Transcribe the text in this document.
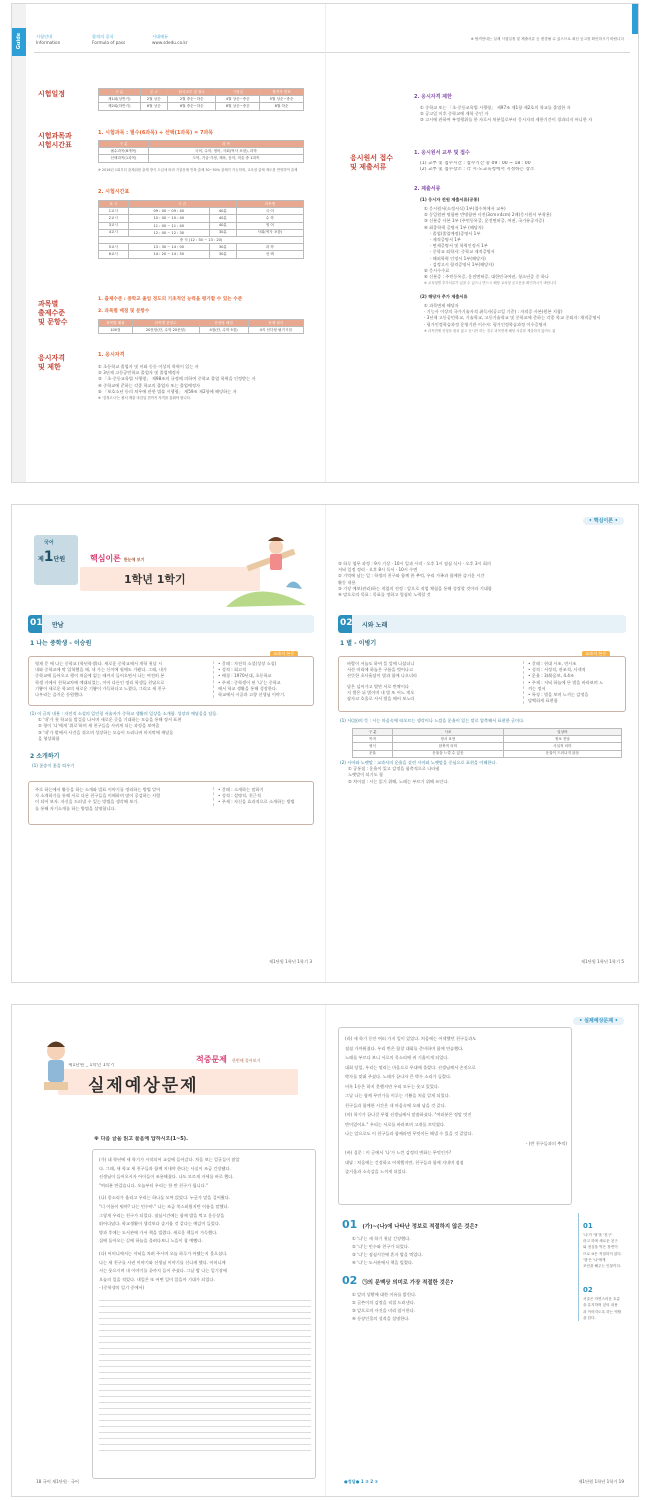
Guide	시험안내
Information
합격의 공식
Formula of pass
시대에듀
www.sdedu.co.kr
※ 합격안내는 실제 시험일정 및 제출서류 등 변경될 수 있으므로 최신 공고를 확인하시기 바랍니다
시험일정	구 분	공 고	원서교부 및 접수	시험일	합격자 발표
제1회(상반기)	2월 상순	2월 중순~하순	4월 상순~중순	5월 상순~중순
제2회(하반기)	6월 상순	6월 중순~하순	8월 상순~중순	8월 하순
시험과목과
시험시간표
1. 시험과목 : 필수(6과목) + 선택(1과목) = 7과목
구 분	과 목
필수과목(6개목)	국어, 수학, 영어, 사회(역사 포함), 과학
선택과목(1과목)	도덕, 기술·가정, 체육, 음악, 미술 중 1과목
※ 2016년 1회부터 출제위원 출제 방식 도입에 따라 기출문제 반복 출제 30~50% 출제가 가능하며, 교육청 출제 제도를 반영하여 출제
2. 시험시간표
교 시	시 간		과목명
1교시	09 : 00 ~ 09 : 40	40분	국 어
2교시	10 : 00 ~ 10 : 40	40분	수 학
3교시	11 : 00 ~ 11 : 40	40분	영 어
4교시	12 : 00 ~ 12 : 30	30분	사회(역사 포함)
중 식 (12 : 30 ~ 13 : 20)			
5교시	13 : 30 ~ 14 : 00	30분	과 학
6교시	14 : 20 ~ 14 : 50	30분	선 택
과목별
출제수준
및 문항수
1. 출제수준 : 중학교 졸업 정도의 기초적인 능력을 평가할 수 있는 수준
2. 과목별 배점 및 문항수
과목별 배점	과목별 문항수	문항당 배점	문제 형식
100점	20문항(단, 수학 20문항)	4점(단, 수학 5점)	4지 선다형 필기시험
응시자격
및 제한
1. 응시자격
① 초등학교 졸업자 및 이와 동등 이상의 학력이 있는 자
② 3년제 고등공민학교 졸업자 및 졸업예정자
③ 「초·중등교육법 시행령」 제98조의 규정에 의하여 중학교 졸업 학력을 인정받는 자
④ 중학교에 준하는 각종 학교의 졸업자 또는 졸업예정자
⑤ 「보호소년 등의 처우에 관한 법률 시행령」 제59조 제2항에 해당하는 자
※ '검정고시'는 원서 제출 마감일 전까지 자격을 갖춰야 합니다.
2. 응시자격 제한
① 중학교 또는 「초·중등교육법 시행령」 제97조 제1항 제2호의 학교를 졸업한 자
② 공고일 이후 중학교에 재학 중인 자
③ 고시에 관하여 부정행위를 한 자로서 처분일로부터 응시자격 제한기간이 경과되지 아니한 자
응시원서 접수
및 제출서류
1. 응시원서 교부 및 접수
(1) 교부 및 접수시간 : 접수기간 중 09 : 00 ~ 18 : 00
(2) 교부 및 접수장소 : 각 시·도교육청에서 지정하는 장소
2. 제출서류
(1) 응시자 전원 제출서류(공통)
① 응시원서(소정서식) 1부(접수처에서 교부)
② 동일원판 명함판 반명함판 사진(3cm×4cm) 2매(응시원서 부착용)
③ 신분증 사본 1부 (주민등록증, 운전면허증, 여권, 국가유공자증)
④ 최종학력 증명서 1부 (해당자)
· 졸업(졸업예정)증명서 1부
· 제적증명서 1부
· 면제증명서 및 학력인정서 1부
· 중학교 퇴학자: 중학교 재적증명서
· 해외학력 인정서 1부(해당자)
· 검정고시 합격증명서 1부(해당자)
⑤ 응시수수료
⑥ 신분증 : 주민등록증, 운전면허증, 대한민국여권, 청소년증 중 하나
※ 교육청별 추가서류가 있을 수 있으니 반드시 해당 교육청 공고문을 확인하시기 바랍니다
(2) 해당자 추가 제출서류
① 과목면제 해당자
· 기능사 이상의 국가기술자격 취득자(공고일 기준) : 자격증 사본(원본 지참)
· 3년제 고등공민학교, 기술학교, 고등기술학교 및 중학교에 준하는 각종 학교 중퇴자: 재적증명서
· 평가인정학습과정 운영기관 이수자: 평가인정학습과정 이수증명서
※ 과목면제 신청을 원치 않고 응시만 하는 경우 과목면제 해당 서류를 제출하지 않아도 됨
국어
제1단원	핵심이론 한눈에 보기
1학년 1학기
01 만남
1 나는 중학생 - 이승원
교과서 본문
영재 문 에 나는 중학교 (학년학생)다. 새로운 중학교에서 개학 첫날 시
내와 중학교에 막 입학했을 때, 내 가는 신이에 월에도 가봤다. 그래, 내가
중학교에 들어오고 행이 처음에 없는 때까지 들어오면서 나는 여전히 본
학생 키에서 친척교차에 예대되었는, 이어 다른인 정리 학생들 친답으로
기쁨이 새로운 학교의 새로운 기쁨이 가득하다고 느꼈다, 그리고 새 친구
나우리는 즐거운 등원했다.
• 갈래 : 자전적 소설(성장 소설)
• 성격 : 회고적
• 배경 : 1970년대, 초등학교
• 주제 : 중학생이 된 '나'는 중학교
에서 학교 생활을 통해 성장한다.
학교에서 시골과 고향 선생님 이야기.
(1) 이 글의 내용 : 자전적 소설의 일인칭 서술자가 중학교 생활의 일상을 소개함. 성장과 깨달음을 담음.
① '내'가 첫 학교를 발걸음 나서며 새로운 곳을 기대하는 모습을 통해 정서 표현
② 형이 '나'에게 '위로'하며 새 친구들을 사귀게 되는 과정을 보여줌
③ '내'가 밖에서 사건을 겪으며 성장하는 모습이 드러나며 마지막에 깨달음
을 형상화함
2 소개하기
(1) 꽃송이 꽃을 틔우기
주로 하는에서 활동을 하는 소개와 발표 이야기를 정리하는 방법 알아
자 소개하기를 통해 서로 다른 친구들을 이해하며 많이 공감하는 사람
이 되어 보자. 자신을 드러낼 수 있는 방법을 생각해 보기.
를 통해 자기소개를 하는 방법을 설명합니다.
• 갈래 : 소개하는 말하기
• 성격 : 설명적, 친근적
• 주제 : 자신을 효과적으로 소개하는 방법
제1단원 1학년 1학기 3
• 핵심이론 •
③ 하루 업무 과정 : 9시 기상 · 10시 일과 시작 · 오후 1시 점심 식사 · 오후 3시 회의
저녁 일정 정리 · 오후 8시 독서 · 10시 수면
② 기억에 남는 일 : 학생의 친구와 함께 한 추억, 우리 가족과 함께한 즐거운 시간
활동 내용
③ 기장 예보(관리)하는 직업의 진정 : 앞으로 직업 체험을 통해 성장할 것이라 기대함
④ 말으로의 목표 : 목표를 정하고 열심히 노력할 것
02 시와 노래
1 별 - 이병기
교과서 본문
바람이 서늘도 하여 뜰 앞에 나섰더니
서산 머리에 하늘은 구름을 벗어나고
산뜻한 초사흘달이 별과 함께 나오더라
달은 넘어가고 별만 서로 반짝이다
저 별은 뉘 별이며 내 별 또 어느 게오
잠자코 호올로 서서 별을 헤어 보노라
• 갈래 : 현대 시조, 연시조
• 성격 : 서정적, 관조적, 사색적
• 운율 : 3(4)음보, 4.4조
• 주제 : 저녁 하늘에 뜬 별을 바라보며 느
끼는 정서
• 특징 : 별을 보며 느끼는 감정을
담백하게 표현함
(1) 시(詩)의 뜻 : 시는 마음속에 떠오르는 생각이나 느낌을 운율이 있는 말로 압축해서 표현한 글이다.
구 분	시조	일상어
목적	정서 표현	정보 전달
형식	함축적 의미	사실적 의미
운율	운율을 느낄 수 있음	운율이 드러나지 않음
(2) 시어와 노랫말 : 교과서의 운율을 살린 시어와 노랫말을 중심으로 표현을 이해한다.
① 공통점 : 운율이 있고 감정을 함축적으로 나타냄
노랫말이 되기도 함
② 차이점 : 시는 읽기 위해, 노래는 부르기 위해 쓰인다.
제1단원 1학년 1학기 5
제1단원 _ 1학년 1학기
적중문제 한번에 풀어보기
실제예상문제
※ 다음 글을 읽고 물음에 답하시오(1~5).
(가) 네 학년에 새 학기가 시작되어 교실에 들어갔다. 처음 보는 얼굴들이 많았
다. 그래, 새 학교 새 친구들과 함께 지내야 한다는 사실이 조금 긴장됐다.
선생님이 들어오시자 아이들이 조용해졌다. 나도 모르게 자세를 바로 했다.
"여러분 반갑습니다. 오늘부터 우리는 한 반 친구가 됩니다."
(나) 종소리가 울리고 우리는 하나둘 모여 앉았다. 누군가 말을 걸어왔다.
"너 이름이 뭐야? 나는 민수야." 나는 조금 쑥스러웠지만 이름을 말했다.
그렇게 우리는 친구가 되었다. 점심시간에는 함께 밥을 먹고 운동장을
뛰어다녔다. 학교생활이 생각보다 즐거울 것 같다는 예감이 들었다.
방과 후에는 도서관에 가서 책을 빌렸다. 새로운 책들이 가득했다.
집에 돌아오는 길에 하늘을 올려다보니 노을이 참 예뻤다.
(다) 어머니께서는 저녁을 차려 주시며 오늘 하루가 어땠는지 물으셨다.
나는 새 친구를 사귄 이야기와 선생님 이야기를 신나게 했다. 어머니께
서는 웃으시며 내 이야기를 끝까지 들어 주셨다. 그날 밤 나는 일기장에
오늘의 일을 적었다. 내일은 또 어떤 일이 있을까 기대가 되었다.
- (중학생의 일기 중에서)
18 국어 제1단원 · 국어
• 실제예상문제 •
(라) 새 학기 동안 여러 가지 일이 있었다. 처음에는 어색했던 친구들과도
점점 가까워졌다. 우리 반은 합창 대회를 준비하며 함께 연습했다.
노래를 부르다 보니 서로의 목소리에 귀 기울이게 되었다.
대회 당일, 우리는 떨리는 마음으로 무대에 올랐다. 선생님께서 손짓으로
박자를 맞춰 주셨다. 노래가 끝나자 큰 박수 소리가 들렸다.
비록 1등은 하지 못했지만 우리 모두는 웃고 있었다.
그날 나는 함께 무언가를 이루는 기쁨을 처음 알게 되었다.
친구들과 함께한 시간은 내 마음속에 오래 남을 것 같다.
(마) 학기가 끝나갈 무렵 선생님께서 말씀하셨다. "여러분은 정말 멋진
반이었어요." 우리는 서로를 바라보며 고개를 끄덕였다.
나는 앞으로도 이 친구들과 함께라면 무엇이든 해낼 수 있을 것 같았다.
- (반 친구들과의 추억)
(바) 질문 : 이 글에서 '나'가 느낀 감정의 변화는 무엇인가?
대답 : 처음에는 긴장하고 어색했지만, 친구들과 함께 지내며 점점
즐거움과 소속감을 느끼게 되었다.
01 (가)~(나)에 나타난 정보로 적절하지 않은 것은?
① '나'는 새 학기 첫날 긴장했다.
② '나'는 민수와 친구가 되었다.
③ '나'는 점심시간에 혼자 밥을 먹었다.
④ '나'는 도서관에서 책을 빌렸다.
02 ㉠의 문맥상 의미로 가장 적절한 것은?
① 앞의 상황에 대한 이유를 밝힌다.
② 글쓴이의 감정을 직접 드러낸다.
③ 앞으로의 사건을 미리 암시한다.
④ 등장인물의 성격을 설명한다.
01
'나'가 '형'을 '친구'
라고 하며 새로운 친구
와 점심을 먹은 장면이
므로 ③은 적절하지 않다.
'형'은 '나'에게
조언을 해주는 인물이다.
02
서술은 자연스러운 흐름
을 유지하며 앞의 내용
과 이어지도록 하는 역할
을 한다.
●정답● 1 ③ 2 ①	제1단원 1학년 1학기 19
